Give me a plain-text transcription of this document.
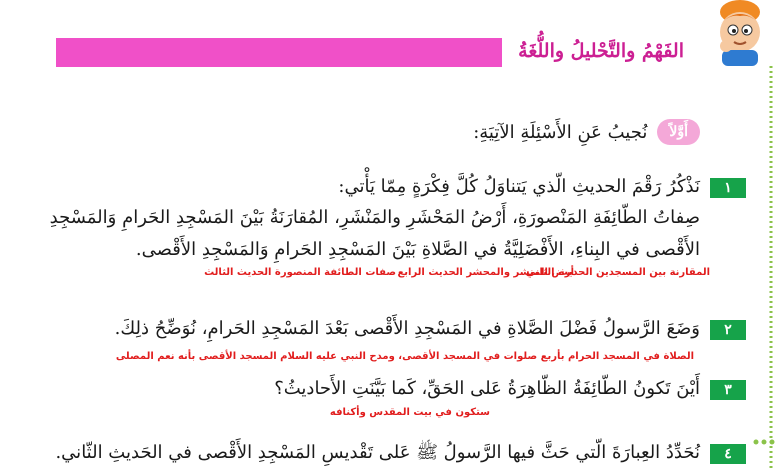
الفَهْمُ والتَّحْليلُ واللُّغَةُ
أَوَّلاً
نُجيبُ عَنِ الأَسْئِلَةِ الآتِيَةِ:
١
نَذْكُرُ رَقْمَ الحديثِ الّذي يَتناوَلُ كُلَّ فِكْرَةٍ مِمّا يَأْتي:
صِفاتُ الطّائِفَةِ المَنْصورَةِ، أَرْضُ المَحْشَرِ والمَنْشَرِ، المُقارَنَةُ بَيْنَ المَسْجِدِ الحَرامِ وَالمَسْجِدِ
الأَقْصى في البِناءِ، الأَفْضَلِيَّةُ في الصَّلاةِ بَيْنَ المَسْجِدِ الحَرامِ وَالمَسْجِدِ الأَقْصى.
صفات الطائفة المنصورة الحديث الثالث أرض المنشر والمحشر الحديث الرابع
المقارنة بين المسجدين الحديث الثاني
٢
وَضَعَ الرَّسولُ فَضْلَ الصَّلاةِ في المَسْجِدِ الأَقْصى بَعْدَ المَسْجِدِ الحَرامِ، نُوَضِّحُ ذلِكَ.
الصلاة في المسجد الحرام بأربع صلوات في المسجد الأقصى، ومدح النبي عليه السلام المسجد الأقصى بأنه نعم المصلى
٣
أَيْنَ تَكونُ الطّائِفَةُ الظّاهِرَةُ عَلى الحَقِّ، كَما بَيَّنَتِ الأَحاديثُ؟
ستكون في بيت المقدس وأكنافه
٤
نُحَدِّدُ العِبارَةَ الّتي حَثَّ فيها الرَّسولُ ﷺ عَلى تَقْديسِ المَسْجِدِ الأَقْصى في الحَديثِ الثّاني.
